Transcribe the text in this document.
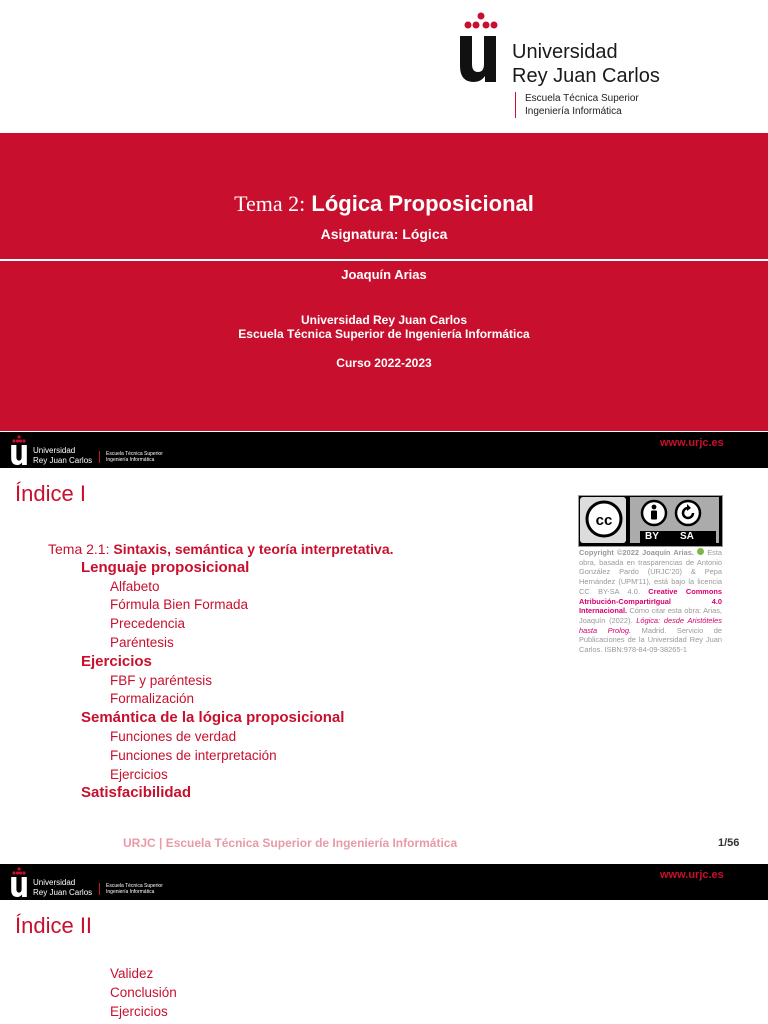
Universidad
Rey Juan Carlos
Escuela Técnica Superior
Ingeniería Informática
Tema 2: Lógica Proposicional
Asignatura: Lógica
Joaquín Arias
Universidad Rey Juan Carlos
Escuela Técnica Superior de Ingeniería Informática
Curso 2022-2023
Universidad
Rey Juan Carlos
Escuela Técnica Superior
Ingeniería Informática
www.urjc.es
Índice I
Tema 2.1: Sintaxis, semántica y teoría interpretativa.
Lenguaje proposicional
Alfabeto
Fórmula Bien Formada
Precedencia
Paréntesis
Ejercicios
FBF y paréntesis
Formalización
Semántica de la lógica proposicional
Funciones de verdad
Funciones de interpretación
Ejercicios
Satisfacibilidad
cc
BY SA
Copyright ©2022 Joaquín Arias. Esta obra, basada en trasparencias de Antonio González Pardo (URJC'20) & Pepa Hernández (UPM'11), está bajo la licencia CC BY-SA 4.0. Creative Commons Atribución-CompartirIgual 4.0 Internacional. Cómo citar esta obra: Arias, Joaquín (2022). Lógica: desde Aristóteles hasta Prolog. Madrid. Servicio de Publicaciones de la Universidad Rey Juan Carlos. ISBN:978-84-09-38265-1
URJC | Escuela Técnica Superior de Ingeniería Informática	1/56
Universidad
Rey Juan Carlos
Escuela Técnica Superior
Ingeniería Informática
www.urjc.es
Índice II
Validez
Conclusión
Ejercicios
